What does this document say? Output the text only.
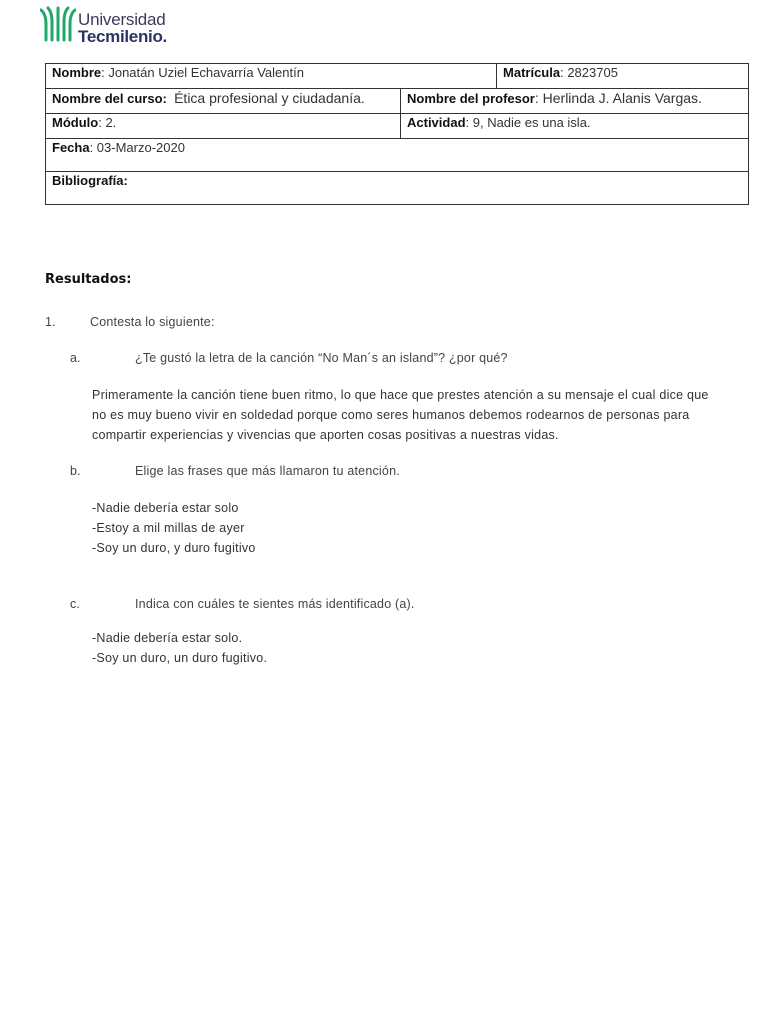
Universidad
Tecmilenio.
Nombre: Jonatán Uziel Echavarría Valentín		Matrícula: 2823705
Nombre del curso: Ética profesional y ciudadanía.	Nombre del profesor: Herlinda J. Alanis Vargas.	
Módulo: 2.	Actividad: 9, Nadie es una isla.	
Fecha: 03-Marzo-2020		
Bibliografía:		
Resultados:
1.	Contesta lo siguiente:
a.	¿Te gustó la letra de la canción “No Man´s an island”? ¿por qué?
Primeramente la canción tiene buen ritmo, lo que hace que prestes atención a su mensaje el cual dice que
no es muy bueno vivir en soldedad porque como seres humanos debemos rodearnos de personas para
compartir experiencias y vivencias que aporten cosas positivas a nuestras vidas.
b.	Elige las frases que más llamaron tu atención.
-Nadie debería estar solo
-Estoy a mil millas de ayer
-Soy un duro, y duro fugitivo
c.	Indica con cuáles te sientes más identificado (a).
-Nadie debería estar solo.
-Soy un duro, un duro fugitivo.
